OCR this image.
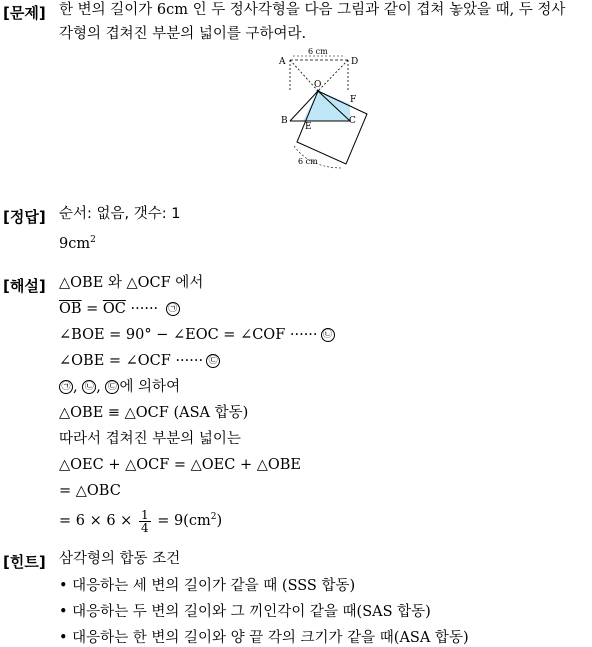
[문제] 한 변의 길이가 6cm 인 두 정사각형을 다음 그림과 같이 겹쳐 놓았을 때, 두 정사
각형의 겹쳐진 부분의 넓이를 구하여라.
A	D
O
B
E
C
F
6 cm
6 cm
[정답] 순서: 없음, 갯수: 1
$9cm^2$
[해설] △OBE 와 △OCF 에서
$\overline{OB} = \overline{OC}$ ······ ㉠
∠BOE = 90° − ∠EOC = ∠COF ······ ㉡
∠OBE = ∠OCF ······ ㉢
㉠ , ㉡ , ㉢ 에 의하여
△OBE ≡ △OCF (ASA 합동)
따라서 겹쳐진 부분의 넓이는
△OEC + △OCF = △OEC + △OBE
= △OBC
= $6 \times 6 \times \frac{1}{4} = 9(cm^2)$
[힌트] 삼각형의 합동 조건
• 대응하는 세 변의 길이가 같을 때 (SSS 합동)
• 대응하는 두 변의 길이와 그 끼인각이 같을 때(SAS 합동)
• 대응하는 한 변의 길이와 양 끝 각의 크기가 같을 때(ASA 합동)
